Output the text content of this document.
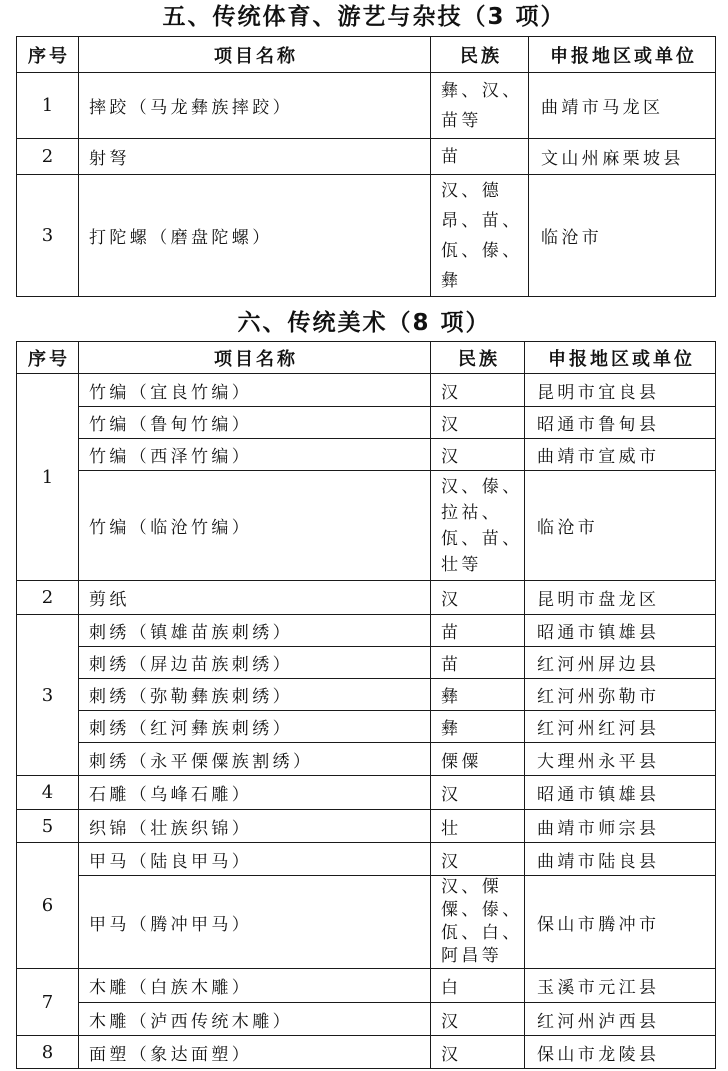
五、传统体育、游艺与杂技（3 项）
序号	项目名称	民族	申报地区或单位
1	摔跤（马龙彝族摔跤）	彝、汉、苗等	曲靖市马龙区
2	射弩	苗	文山州麻栗坡县
3	打陀螺（磨盘陀螺）	汉、德昂、苗、佤、傣、彝	临沧市
六、传统美术（8 项）
序号	项目名称	民族	申报地区或单位
1	竹编（宜良竹编）	汉	昆明市宜良县
	竹编（鲁甸竹编）	汉	昭通市鲁甸县
	竹编（西泽竹编）	汉	曲靖市宣威市
	竹编（临沧竹编）	汉、傣、拉祜、佤、苗、壮等	临沧市
2	剪纸	汉	昆明市盘龙区
3	刺绣（镇雄苗族刺绣）	苗	昭通市镇雄县
	刺绣（屏边苗族刺绣）	苗	红河州屏边县
	刺绣（弥勒彝族刺绣）	彝	红河州弥勒市
	刺绣（红河彝族刺绣）	彝	红河州红河县
	刺绣（永平傈僳族割绣）	傈僳	大理州永平县
4	石雕（乌峰石雕）	汉	昭通市镇雄县
5	织锦（壮族织锦）	壮	曲靖市师宗县
6	甲马（陆良甲马）	汉	曲靖市陆良县
	甲马（腾冲甲马）	汉、傈僳、傣、佤、白、阿昌等	保山市腾冲市
7	木雕（白族木雕）	白	玉溪市元江县
	木雕（泸西传统木雕）	汉	红河州泸西县
8	面塑（象达面塑）	汉	保山市龙陵县
